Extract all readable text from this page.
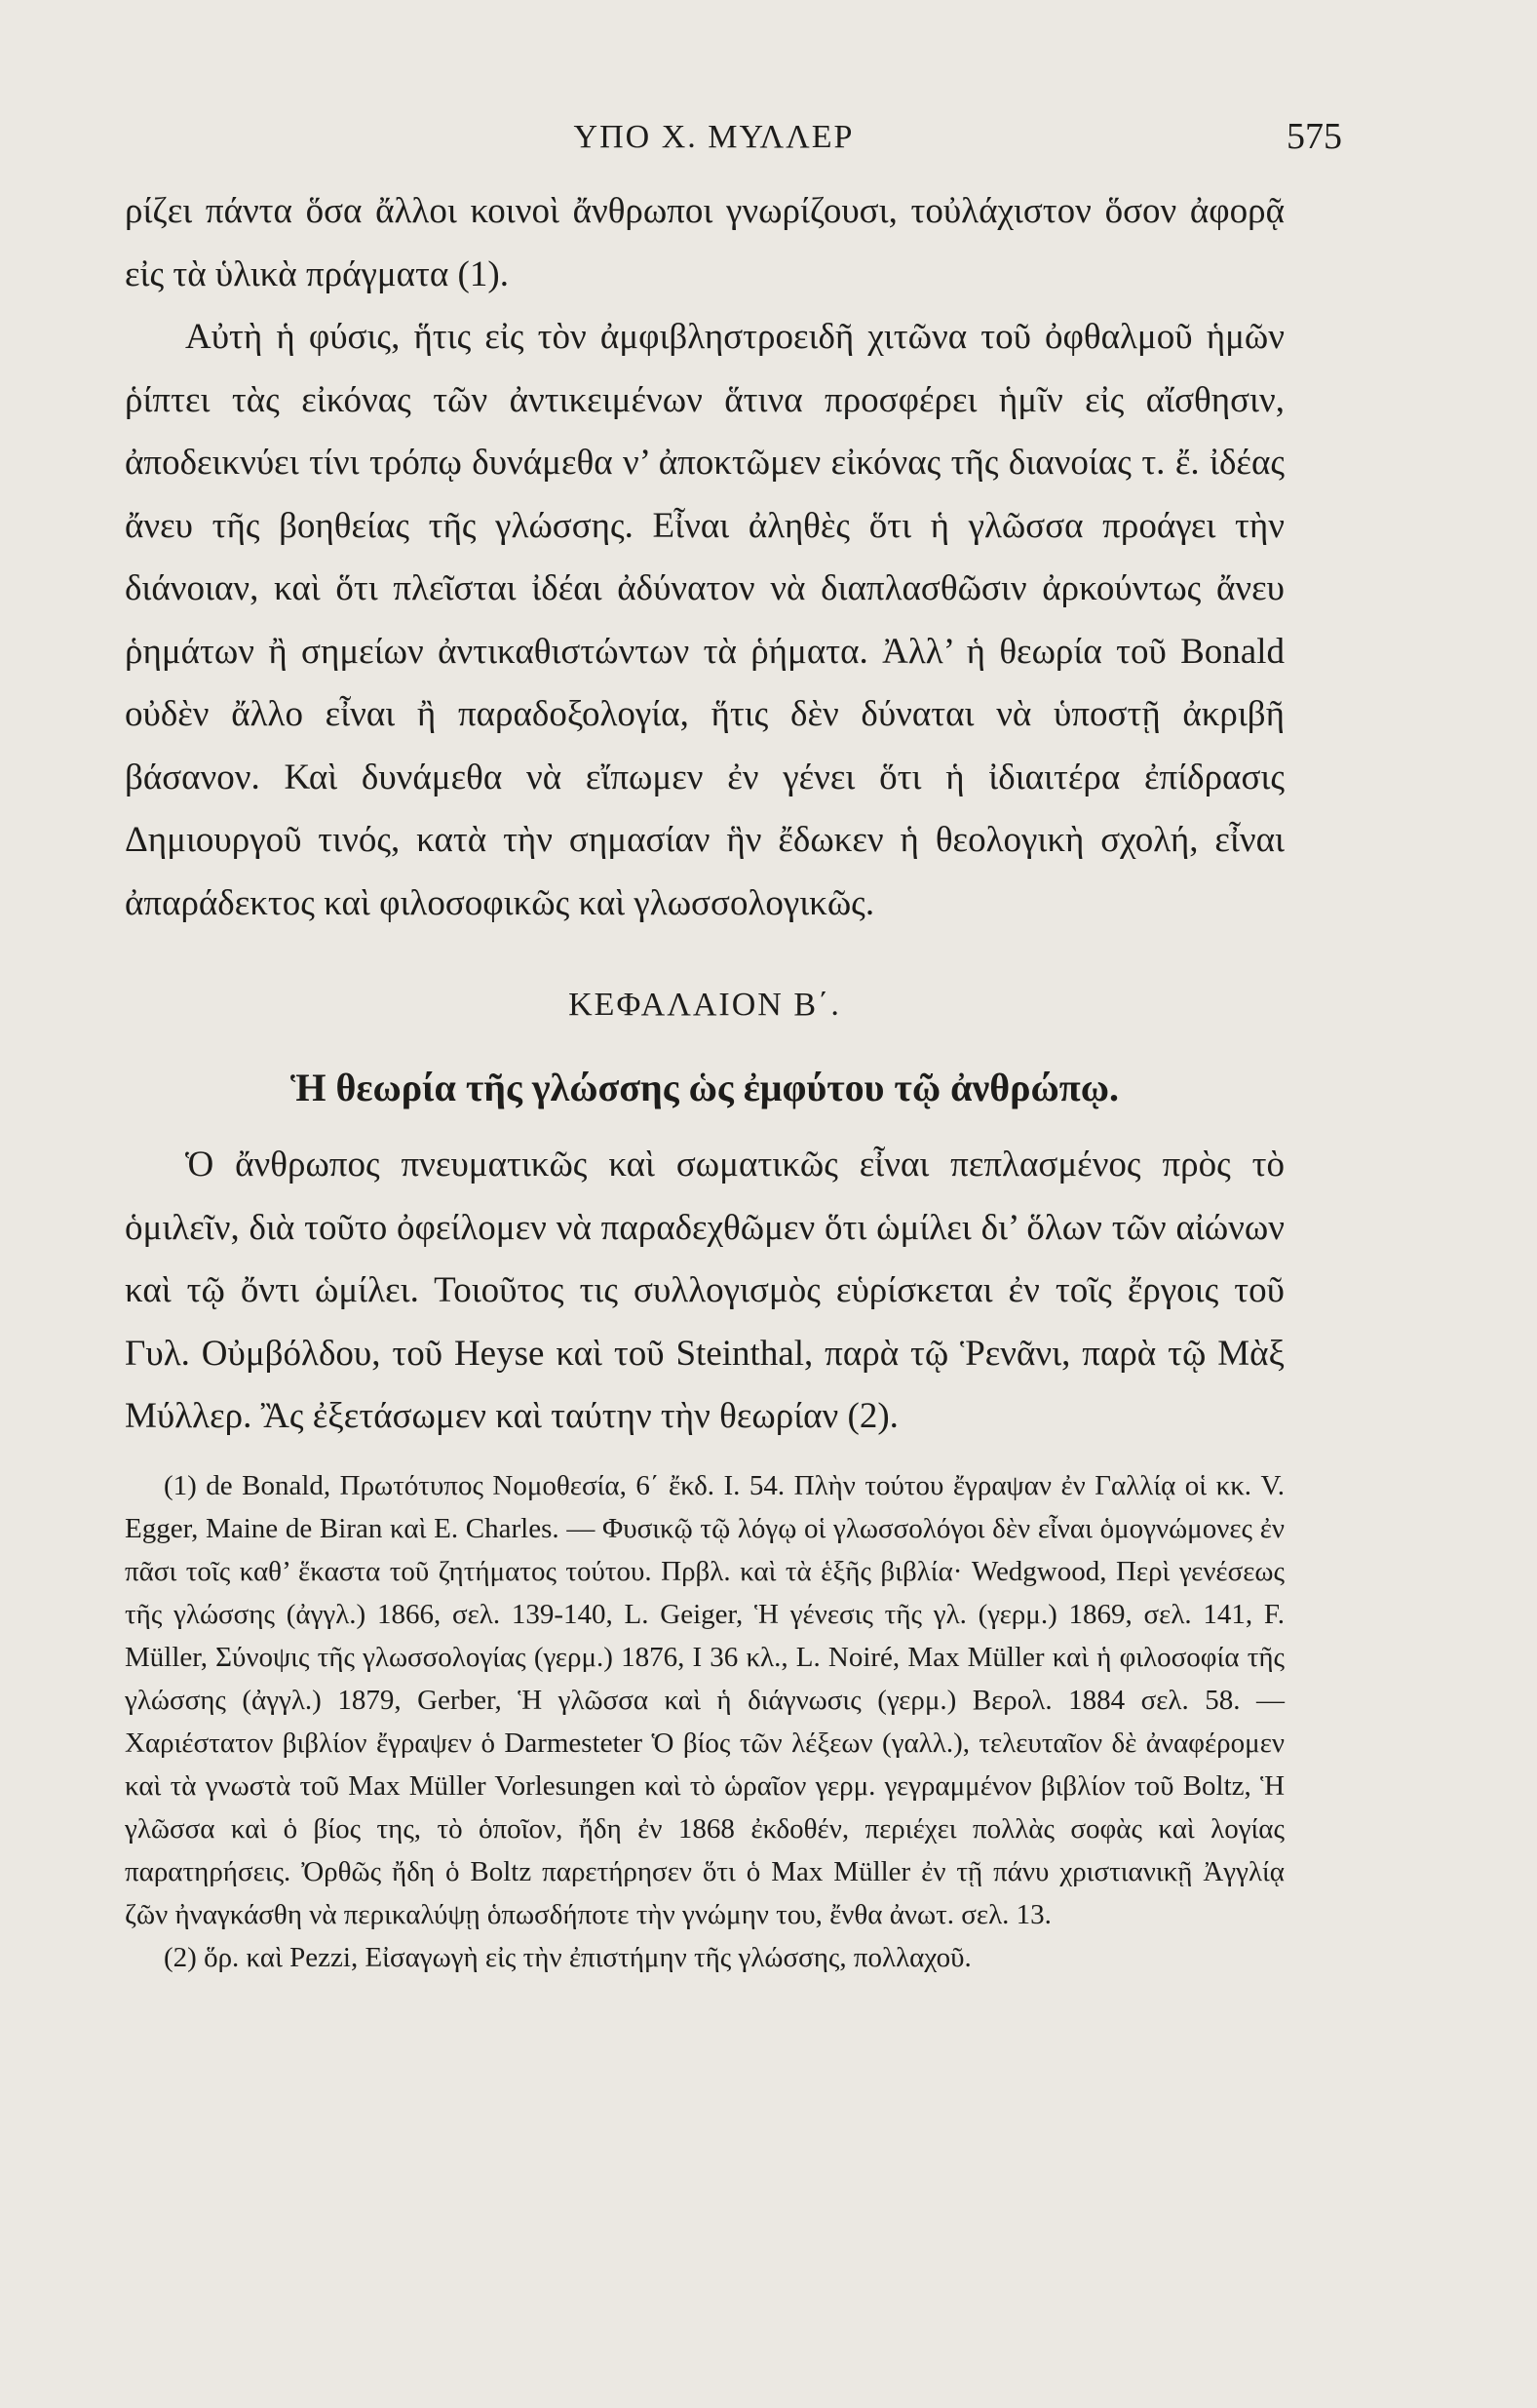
ΥΠΟ Χ. ΜΥΛΛΕΡ	575

ρίζει πάντα ὅσα ἄλλοι κοινοὶ ἄνθρωποι γνωρίζουσι, τοὐλάχιστον ὅσον ἀφορᾷ εἰς τὰ ὑλικὰ πράγματα (1).

Αὐτὴ ἡ φύσις, ἥτις εἰς τὸν ἀμφιβληστροειδῆ χιτῶνα τοῦ ὀφθαλμοῦ ἡμῶν ῥίπτει τὰς εἰκόνας τῶν ἀντικειμένων ἅτινα προσφέρει ἡμῖν εἰς αἴσθησιν, ἀποδεικνύει τίνι τρόπῳ δυνάμεθα ν’ ἀποκτῶμεν εἰκόνας τῆς διανοίας τ. ἔ. ἰδέας ἄνευ τῆς βοηθείας τῆς γλώσσης. Εἶναι ἀληθὲς ὅτι ἡ γλῶσσα προάγει τὴν διάνοιαν, καὶ ὅτι πλεῖσται ἰδέαι ἀδύνατον νὰ διαπλασθῶσιν ἀρκούντως ἄνευ ῥημάτων ἢ σημείων ἀντικαθιστώντων τὰ ῥήματα. Ἀλλ’ ἡ θεωρία τοῦ Bonald οὐδὲν ἄλλο εἶναι ἢ παραδοξολογία, ἥτις δὲν δύναται νὰ ὑποστῇ ἀκριβῆ βάσανον. Καὶ δυνάμεθα νὰ εἴπωμεν ἐν γένει ὅτι ἡ ἰδιαιτέρα ἐπίδρασις Δημιουργοῦ τινός, κατὰ τὴν σημασίαν ἣν ἔδωκεν ἡ θεολογικὴ σχολή, εἶναι ἀπαράδεκτος καὶ φιλοσοφικῶς καὶ γλωσσολογικῶς.

ΚΕΦΑΛΑΙΟΝ Β΄.
Ἡ θεωρία τῆς γλώσσης ὡς ἐμφύτου τῷ ἀνθρώπῳ.

Ὁ ἄνθρωπος πνευματικῶς καὶ σωματικῶς εἶναι πεπλασμένος πρὸς τὸ ὁμιλεῖν, διὰ τοῦτο ὀφείλομεν νὰ παραδεχθῶμεν ὅτι ὡμίλει δι’ ὅλων τῶν αἰώνων καὶ τῷ ὄντι ὡμίλει. Τοιοῦτος τις συλλογισμὸς εὑρίσκεται ἐν τοῖς ἔργοις τοῦ Γυλ. Οὐμβόλδου, τοῦ Heyse καὶ τοῦ Steinthal, παρὰ τῷ Ῥενᾶνι, παρὰ τῷ Μὰξ Μύλλερ. Ἂς ἐξετάσωμεν καὶ ταύτην τὴν θεωρίαν (2).

(1) de Bonald, Πρωτότυπος Νομοθεσία, 6΄ ἔκδ. I. 54. Πλὴν τούτου ἔγραψαν ἐν Γαλλίᾳ οἱ κκ. V. Egger, Maine de Biran καὶ E. Charles. — Φυσικῷ τῷ λόγῳ οἱ γλωσσολόγοι δὲν εἶναι ὁμογνώμονες ἐν πᾶσι τοῖς καθ’ ἕκαστα τοῦ ζητήματος τούτου. Πρβλ. καὶ τὰ ἑξῆς βιβλία· Wedgwood, Περὶ γενέσεως τῆς γλώσσης (ἀγγλ.) 1866, σελ. 139-140, L. Geiger, Ἡ γένεσις τῆς γλ. (γερμ.) 1869, σελ. 141, F. Müller, Σύνοψις τῆς γλωσσολογίας (γερμ.) 1876, I 36 κλ., L. Noiré, Max Müller καὶ ἡ φιλοσοφία τῆς γλώσσης (ἀγγλ.) 1879, Gerber, Ἡ γλῶσσα καὶ ἡ διάγνωσις (γερμ.) Βερολ. 1884 σελ. 58. — Χαριέστατον βιβλίον ἔγραψεν ὁ Darmesteter Ὁ βίος τῶν λέξεων (γαλλ.), τελευταῖον δὲ ἀναφέρομεν καὶ τὰ γνωστὰ τοῦ Max Müller Vorlesungen καὶ τὸ ὡραῖον γερμ. γεγραμμένον βιβλίον τοῦ Boltz, Ἡ γλῶσσα καὶ ὁ βίος της, τὸ ὁποῖον, ἤδη ἐν 1868 ἐκδοθέν, περιέχει πολλὰς σοφὰς καὶ λογίας παρατηρήσεις. Ὀρθῶς ἤδη ὁ Boltz παρετήρησεν ὅτι ὁ Max Müller ἐν τῇ πάνυ χριστιανικῇ Ἀγγλίᾳ ζῶν ἠναγκάσθη νὰ περικαλύψῃ ὁπωσδήποτε τὴν γνώμην του, ἔνθα ἀνωτ. σελ. 13.

(2) ὅρ. καὶ Pezzi, Εἰσαγωγὴ εἰς τὴν ἐπιστήμην τῆς γλώσσης, πολλαχοῦ.
